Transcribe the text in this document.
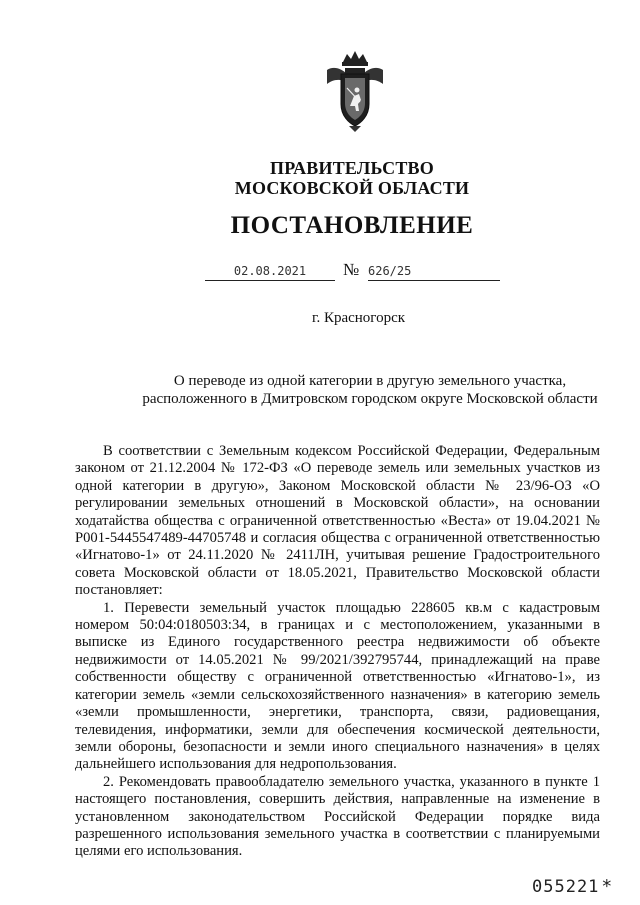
ПРАВИТЕЛЬСТВО
МОСКОВСКОЙ ОБЛАСТИ
ПОСТАНОВЛЕНИЕ
02.08.2021	№ 626/25
г. Красногорск
О переводе из одной категории в другую земельного участка,
расположенного в Дмитровском городском округе Московской области

В соответствии с Земельным кодексом Российской Федерации, Федеральным законом от 21.12.2004 № 172-ФЗ «О переводе земель или земельных участков из одной категории в другую», Законом Московской области № 23/96-ОЗ «О регулировании земельных отношений в Московской области», на основании ходатайства общества с ограниченной ответственностью «Веста» от 19.04.2021 № Р001-5445547489-44705748 и согласия общества с ограниченной ответственностью «Игнатово-1» от 24.11.2020 № 2411ЛН, учитывая решение Градостроительного совета Московской области от 18.05.2021, Правительство Московской области постановляет:

1. Перевести земельный участок площадью 228605 кв.м с кадастровым номером 50:04:0180503:34, в границах и с местоположением, указанными в выписке из Единого государственного реестра недвижимости об объекте недвижимости от 14.05.2021 № 99/2021/392795744, принадлежащий на праве собственности обществу с ограниченной ответственностью «Игнатово-1», из категории земель «земли сельскохозяйственного назначения» в категорию земель «земли промышленности, энергетики, транспорта, связи, радиовещания, телевидения, информатики, земли для обеспечения космической деятельности, земли обороны, безопасности и земли иного специального назначения» в целях дальнейшего использования для недропользования.

2. Рекомендовать правообладателю земельного участка, указанного в пункте 1 настоящего постановления, совершить действия, направленные на изменение в установленном законодательством Российской Федерации порядке вида разрешенного использования земельного участка в соответствии с планируемыми целями его использования.

055221 *
